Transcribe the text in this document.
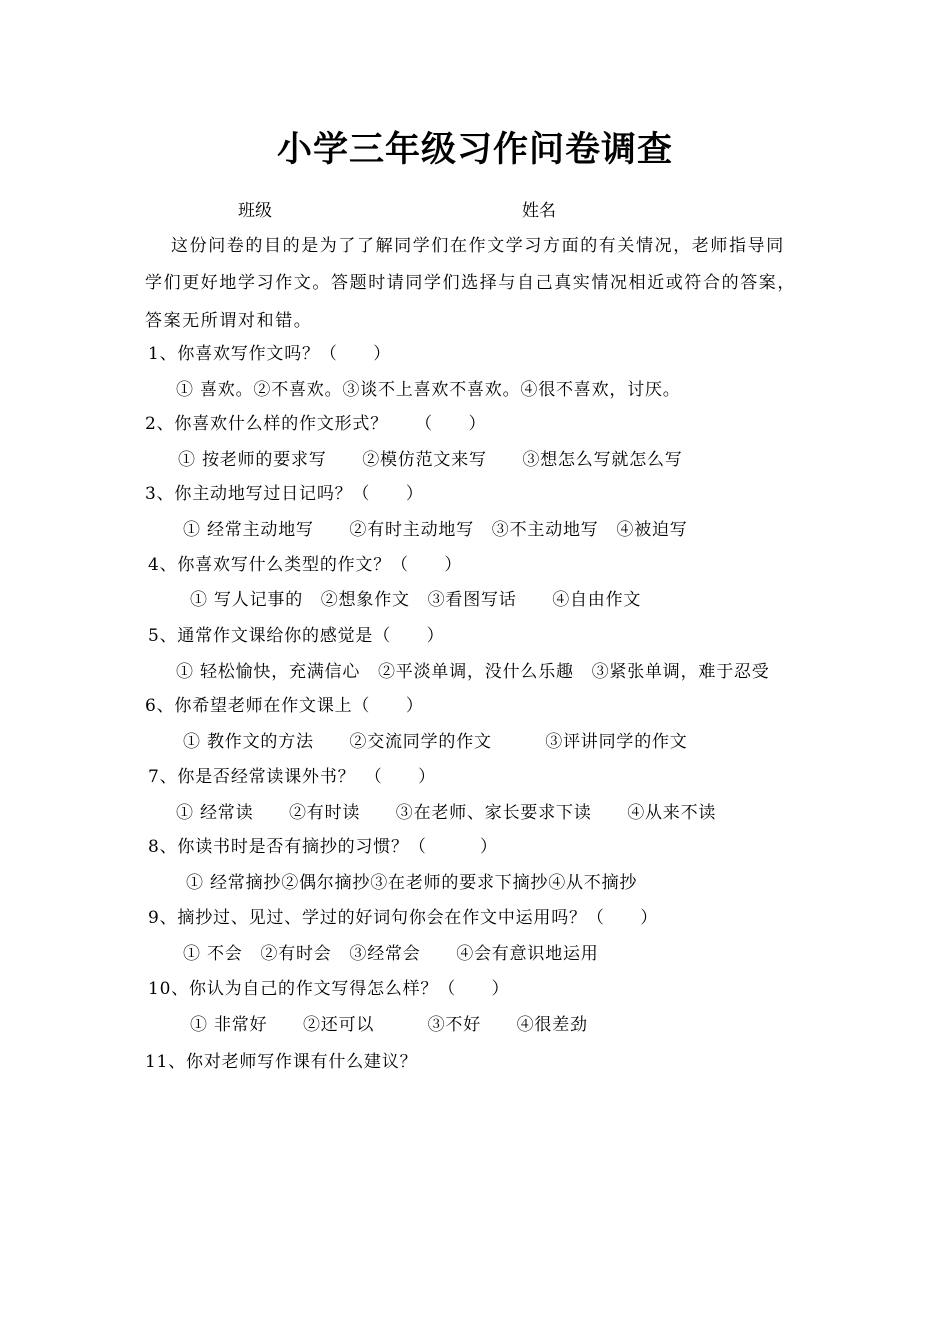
小学三年级习作问卷调查
班级	姓名
这份问卷的目的是为了了解同学们在作文学习方面的有关情况，老师指导同
学们更好地学习作文。答题时请同学们选择与自己真实情况相近或符合的答案，
答案无所谓对和错。
1、你喜欢写作文吗？（　　）
① 喜欢。②不喜欢。③谈不上喜欢不喜欢。④很不喜欢，讨厌。
2、你喜欢什么样的作文形式？　　（　　）
① 按老师的要求写　　②模仿范文来写　　③想怎么写就怎么写
3、你主动地写过日记吗？（　　）
① 经常主动地写　　②有时主动地写　③不主动地写　④被迫写
4、你喜欢写什么类型的作文？（　　）
① 写人记事的　②想象作文　③看图写话　　④自由作文
5、通常作文课给你的感觉是（　　）
① 轻松愉快，充满信心　②平淡单调，没什么乐趣　③紧张单调，难于忍受
6、你希望老师在作文课上（　　）
① 教作文的方法　　②交流同学的作文　　　③评讲同学的作文
7、你是否经常读课外书？　（　　）
① 经常读　　②有时读　　③在老师、家长要求下读　　④从来不读
8、你读书时是否有摘抄的习惯？（　　　）
① 经常摘抄②偶尔摘抄③在老师的要求下摘抄④从不摘抄
9、摘抄过、见过、学过的好词句你会在作文中运用吗？（　　）
① 不会　②有时会　③经常会　　④会有意识地运用
10、你认为自己的作文写得怎么样？（　　）
① 非常好　　②还可以　　　③不好　　④很差劲
11、你对老师写作课有什么建议？
